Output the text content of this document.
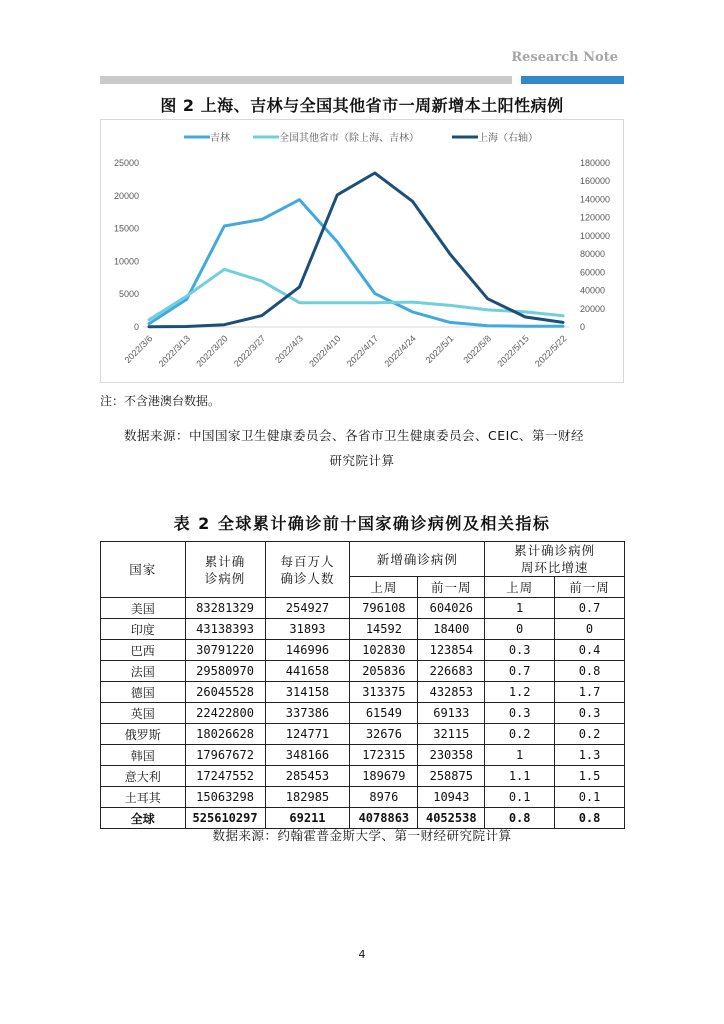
Research Note
图 2 上海、吉林与全国其他省市一周新增本土阳性病例
0
5000
10000
15000
20000
25000
0
20000
40000
60000
80000
100000
120000
140000
160000
180000
2022/3/6 2022/3/13 2022/3/20 2022/3/27 2022/4/3 2022/4/10 2022/4/17 2022/4/24 2022/5/1 2022/5/8 2022/5/15 2022/5/22
吉林	全国其他省市（除上海、吉林）	上海（右轴）
注：不含港澳台数据。
数据来源：中国国家卫生健康委员会、各省市卫生健康委员会、CEIC、第一财经
研究院计算
表 2 全球累计确诊前十国家确诊病例及相关指标
国家	累计确诊病例	每百万人确诊人数	新增确诊病例		累计确诊病例周环比增速	
			上周	前一周	上周	前一周
美国	83281329	254927	796108	604026	1	0.7
印度	43138393	31893	14592	18400	0	0
巴西	30791220	146996	102830	123854	0.3	0.4
法国	29580970	441658	205836	226683	0.7	0.8
德国	26045528	314158	313375	432853	1.2	1.7
英国	22422800	337386	61549	69133	0.3	0.3
俄罗斯	18026628	124771	32676	32115	0.2	0.2
韩国	17967672	348166	172315	230358	1	1.3
意大利	17247552	285453	189679	258875	1.1	1.5
土耳其	15063298	182985	8976	10943	0.1	0.1
全球	525610297	69211	4078863	4052538	0.8	0.8
数据来源：约翰霍普金斯大学、第一财经研究院计算
4
